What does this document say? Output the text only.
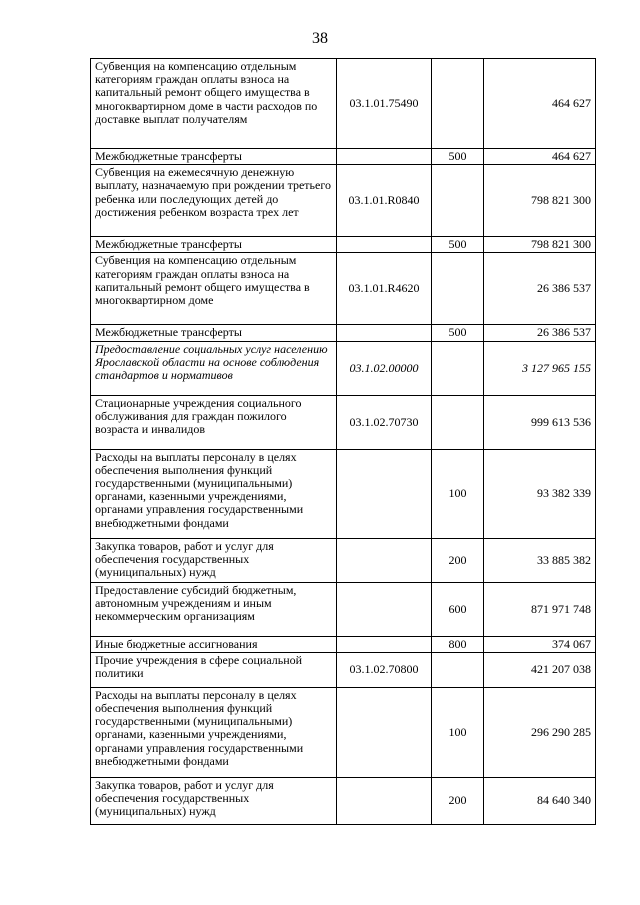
38
Субвенция на компенсацию отдельным категориям граждан оплаты взноса на капитальный ремонт общего имущества в многоквартирном доме в части расходов по доставке выплат получателям	03.1.01.75490		464 627
Межбюджетные трансферты		500	464 627
Субвенция на ежемесячную денежную выплату, назначаемую при рождении третьего ребенка или последующих детей до достижения ребенком возраста трех лет	03.1.01.R0840		798 821 300
Межбюджетные трансферты		500	798 821 300
Субвенция на компенсацию отдельным категориям граждан оплаты взноса на капитальный ремонт общего имущества в многоквартирном доме	03.1.01.R4620		26 386 537
Межбюджетные трансферты		500	26 386 537
Предоставление социальных услуг населению Ярославской области на основе соблюдения стандартов и нормативов	03.1.02.00000		3 127 965 155
Стационарные учреждения социального обслуживания для граждан пожилого возраста и инвалидов	03.1.02.70730		999 613 536
Расходы на выплаты персоналу в целях обеспечения выполнения функций государственными (муниципальными) органами, казенными учреждениями, органами управления государственными внебюджетными фондами		100	93 382 339
Закупка товаров, работ и услуг для обеспечения государственных (муниципальных) нужд		200	33 885 382
Предоставление субсидий бюджетным, автономным учреждениям и иным некоммерческим организациям		600	871 971 748
Иные бюджетные ассигнования		800	374 067
Прочие учреждения в сфере социальной политики	03.1.02.70800		421 207 038
Расходы на выплаты персоналу в целях обеспечения выполнения функций государственными (муниципальными) органами, казенными учреждениями, органами управления государственными внебюджетными фондами		100	296 290 285
Закупка товаров, работ и услуг для обеспечения государственных (муниципальных) нужд		200	84 640 340
